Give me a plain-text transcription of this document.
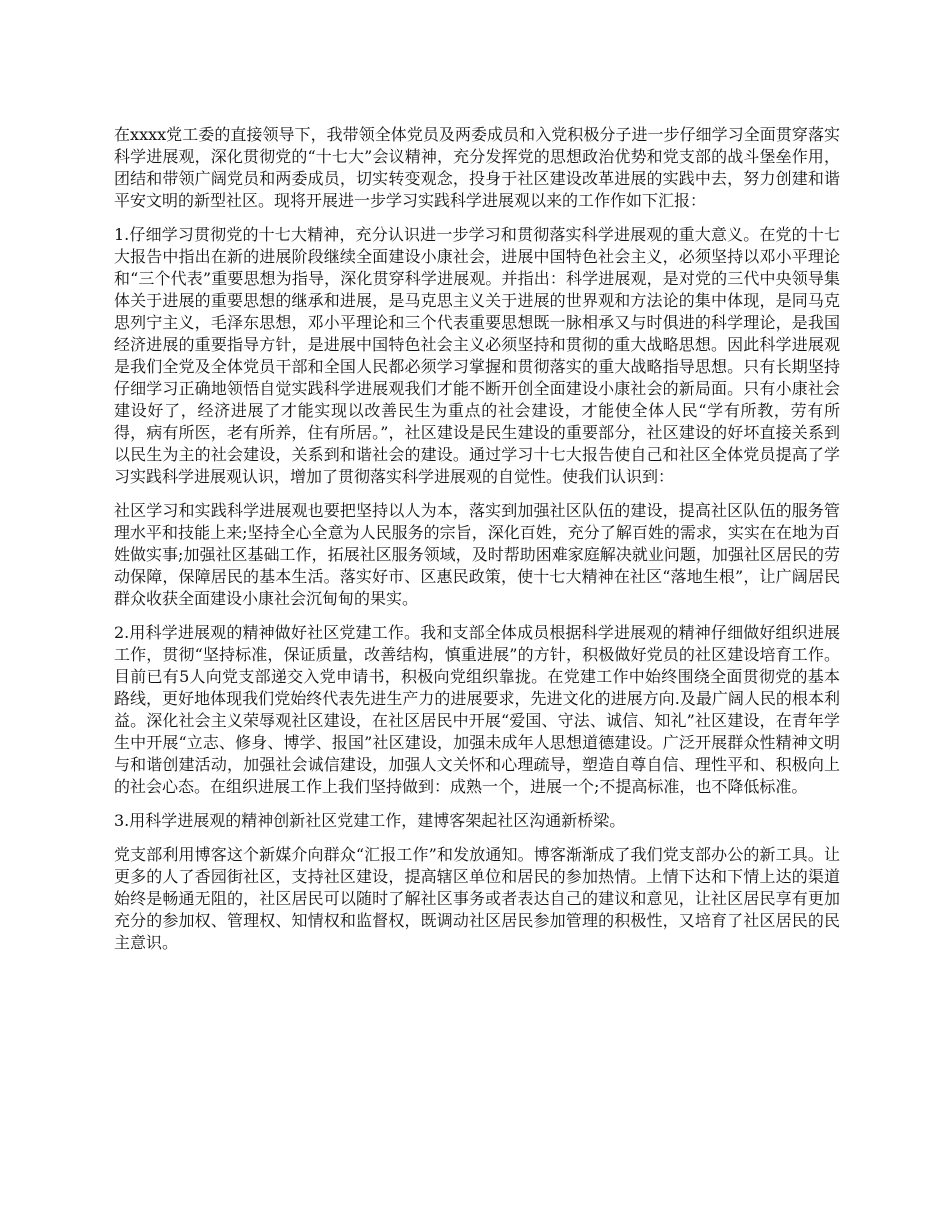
在xxxx党工委的直接领导下，我带领全体党员及两委成员和入党积极分子进一步仔细学习全面贯穿落实科学进展观，深化贯彻党的“十七大”会议精神，充分发挥党的思想政治优势和党支部的战斗堡垒作用，团结和带领广阔党员和两委成员，切实转变观念，投身于社区建设改革进展的实践中去，努力创建和谐平安文明的新型社区。现将开展进一步学习实践科学进展观以来的工作作如下汇报：

1.仔细学习贯彻党的十七大精神，充分认识进一步学习和贯彻落实科学进展观的重大意义。在党的十七大报告中指出在新的进展阶段继续全面建设小康社会，进展中国特色社会主义，必须坚持以邓小平理论和“三个代表”重要思想为指导，深化贯穿科学进展观。并指出：科学进展观，是对党的三代中央领导集体关于进展的重要思想的继承和进展，是马克思主义关于进展的世界观和方法论的集中体现，是同马克思列宁主义，毛泽东思想，邓小平理论和三个代表重要思想既一脉相承又与时俱进的科学理论，是我国经济进展的重要指导方针，是进展中国特色社会主义必须坚持和贯彻的重大战略思想。因此科学进展观是我们全党及全体党员干部和全国人民都必须学习掌握和贯彻落实的重大战略指导思想。只有长期坚持仔细学习正确地领悟自觉实践科学进展观我们才能不断开创全面建设小康社会的新局面。只有小康社会建设好了，经济进展了才能实现以改善民生为重点的社会建设，才能使全体人民“学有所教，劳有所得，病有所医，老有所养，住有所居。”，社区建设是民生建设的重要部分，社区建设的好坏直接关系到以民生为主的社会建设，关系到和谐社会的建设。通过学习十七大报告使自己和社区全体党员提高了学习实践科学进展观认识，增加了贯彻落实科学进展观的自觉性。使我们认识到：

社区学习和实践科学进展观也要把坚持以人为本，落实到加强社区队伍的建设，提高社区队伍的服务管理水平和技能上来;坚持全心全意为人民服务的宗旨，深化百姓，充分了解百姓的需求，实实在在地为百姓做实事;加强社区基础工作，拓展社区服务领域，及时帮助困难家庭解决就业问题，加强社区居民的劳动保障，保障居民的基本生活。落实好市、区惠民政策，使十七大精神在社区“落地生根”，让广阔居民群众收获全面建设小康社会沉甸甸的果实。

2.用科学进展观的精神做好社区党建工作。我和支部全体成员根据科学进展观的精神仔细做好组织进展工作，贯彻“坚持标准，保证质量，改善结构，慎重进展”的方针，积极做好党员的社区建设培育工作。目前已有5人向党支部递交入党申请书，积极向党组织靠拢。在党建工作中始终围绕全面贯彻党的基本路线，更好地体现我们党始终代表先进生产力的进展要求，先进文化的进展方向.及最广阔人民的根本利益。深化社会主义荣辱观社区建设，在社区居民中开展“爱国、守法、诚信、知礼”社区建设，在青年学生中开展“立志、修身、博学、报国”社区建设，加强未成年人思想道德建设。广泛开展群众性精神文明与和谐创建活动，加强社会诚信建设，加强人文关怀和心理疏导，塑造自尊自信、理性平和、积极向上的社会心态。在组织进展工作上我们坚持做到：成熟一个，进展一个;不提高标准，也不降低标准。

3.用科学进展观的精神创新社区党建工作，建博客架起社区沟通新桥梁。

党支部利用博客这个新媒介向群众“汇报工作”和发放通知。博客渐渐成了我们党支部办公的新工具。让更多的人了香园街社区，支持社区建设，提高辖区单位和居民的参加热情。上情下达和下情上达的渠道始终是畅通无阻的，社区居民可以随时了解社区事务或者表达自己的建议和意见，让社区居民享有更加充分的参加权、管理权、知情权和监督权，既调动社区居民参加管理的积极性，又培育了社区居民的民主意识。
